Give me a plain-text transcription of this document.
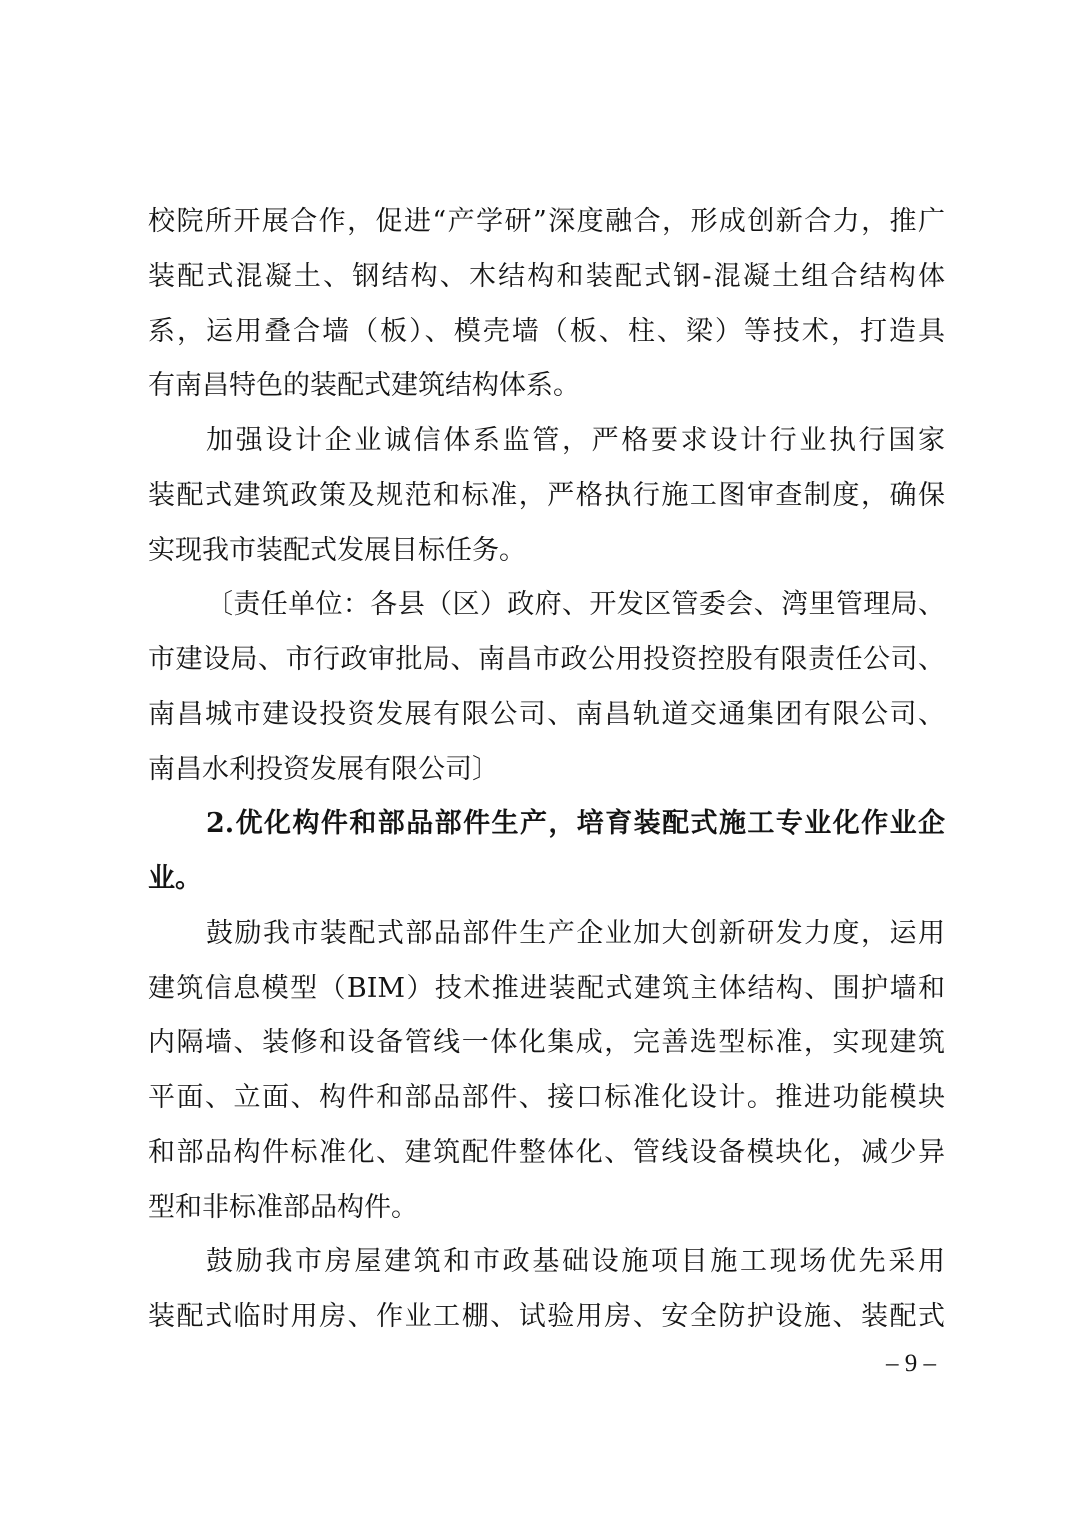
校院所开展合作，促进“产学研”深度融合，形成创新合力，推广
装配式混凝土、钢结构、木结构和装配式钢-混凝土组合结构体
系，运用叠合墙（板）、模壳墙（板、柱、梁）等技术，打造具
有南昌特色的装配式建筑结构体系。
加强设计企业诚信体系监管，严格要求设计行业执行国家
装配式建筑政策及规范和标准，严格执行施工图审查制度，确保
实现我市装配式发展目标任务。
〔责任单位：各县（区）政府、开发区管委会、湾里管理局、
市建设局、市行政审批局、南昌市政公用投资控股有限责任公司、
南昌城市建设投资发展有限公司、南昌轨道交通集团有限公司、
南昌水利投资发展有限公司〕
2.优化构件和部品部件生产，培育装配式施工专业化作业企
业。
鼓励我市装配式部品部件生产企业加大创新研发力度，运用
建筑信息模型（BIM）技术推进装配式建筑主体结构、围护墙和
内隔墙、装修和设备管线一体化集成，完善选型标准，实现建筑
平面、立面、构件和部品部件、接口标准化设计。推进功能模块
和部品构件标准化、建筑配件整体化、管线设备模块化，减少异
型和非标准部品构件。
鼓励我市房屋建筑和市政基础设施项目施工现场优先采用
装配式临时用房、作业工棚、试验用房、安全防护设施、装配式
– 9 –
